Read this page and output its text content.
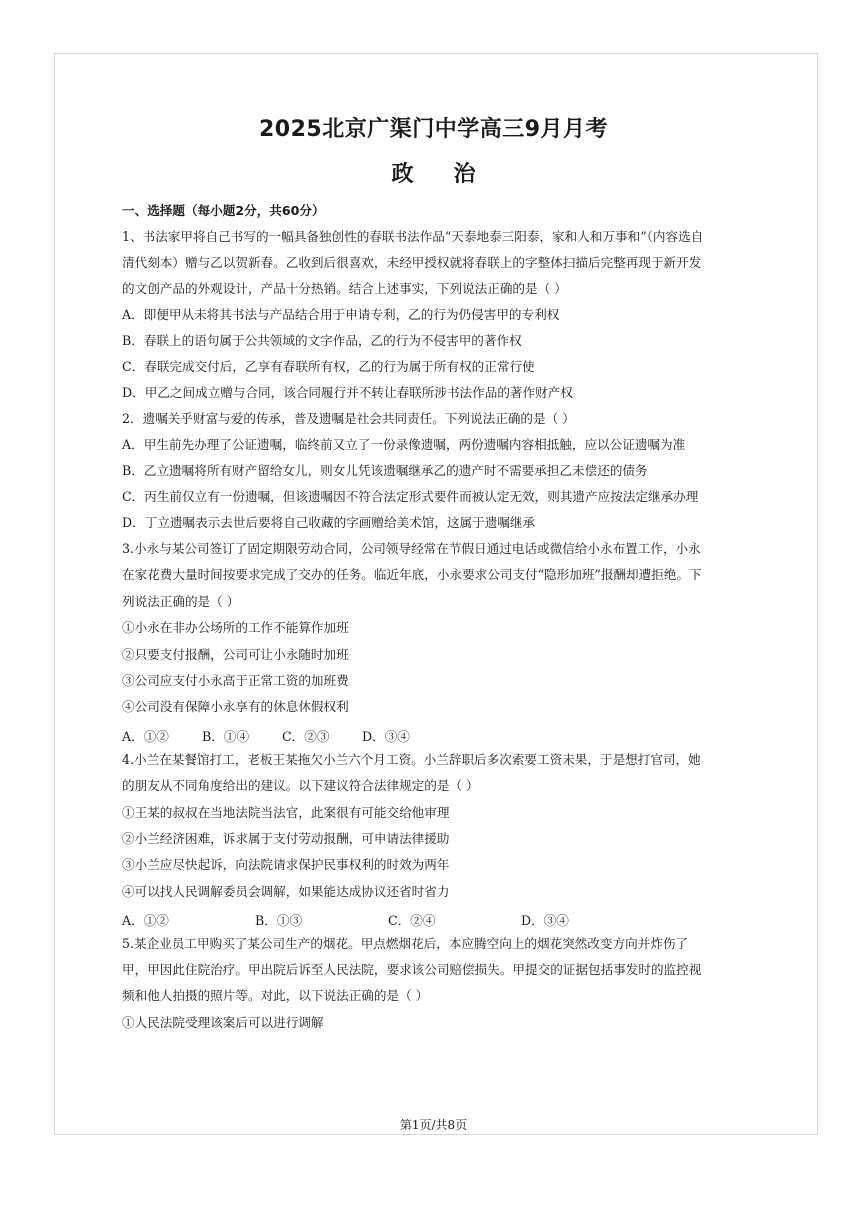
2025北京广渠门中学高三9月月考
政治
一、选择题（每小题2分，共60分）
1、书法家甲将自己书写的一幅具备独创性的春联书法作品“天泰地泰三阳泰，家和人和万事和”（内容选自
清代刻本）赠与乙以贺新春。乙收到后很喜欢，未经甲授权就将春联上的字整体扫描后完整再现于新开发
的文创产品的外观设计，产品十分热销。结合上述事实，下列说法正确的是（ ）
A．即便甲从未将其书法与产品结合用于申请专利，乙的行为仍侵害甲的专利权
B．春联上的语句属于公共领域的文字作品，乙的行为不侵害甲的著作权
C．春联完成交付后，乙享有春联所有权，乙的行为属于所有权的正常行使
D．甲乙之间成立赠与合同，该合同履行并不转让春联所涉书法作品的著作财产权
2．遗嘱关乎财富与爱的传承，普及遗嘱是社会共同责任。下列说法正确的是（ ）
A．甲生前先办理了公证遗嘱，临终前又立了一份录像遗嘱，两份遗嘱内容相抵触，应以公证遗嘱为准
B．乙立遗嘱将所有财产留给女儿，则女儿凭该遗嘱继承乙的遗产时不需要承担乙未偿还的债务
C．丙生前仅立有一份遗嘱，但该遗嘱因不符合法定形式要件而被认定无效，则其遗产应按法定继承办理
D．丁立遗嘱表示去世后要将自己收藏的字画赠给美术馆，这属于遗嘱继承
3.小永与某公司签订了固定期限劳动合同，公司领导经常在节假日通过电话或微信给小永布置工作，小永
在家花费大量时间按要求完成了交办的任务。临近年底，小永要求公司支付“隐形加班”报酬却遭拒绝。下
列说法正确的是（ ）
①小永在非办公场所的工作不能算作加班
②只要支付报酬，公司可让小永随时加班
③公司应支付小永高于正常工资的加班费
④公司没有保障小永享有的休息休假权利
A．①②	B．①④	C．②③	D．③④
4.小兰在某餐馆打工，老板王某拖欠小兰六个月工资。小兰辞职后多次索要工资未果，于是想打官司，她
的朋友从不同角度给出的建议。以下建议符合法律规定的是（ ）
①王某的叔叔在当地法院当法官，此案很有可能交给他审理
②小兰经济困难，诉求属于支付劳动报酬，可申请法律援助
③小兰应尽快起诉，向法院请求保护民事权利的时效为两年
④可以找人民调解委员会调解，如果能达成协议还省时省力
A．①②	B．①③	C．②④	D．③④
5.某企业员工甲购买了某公司生产的烟花。甲点燃烟花后，本应腾空向上的烟花突然改变方向并炸伤了
甲，甲因此住院治疗。甲出院后诉至人民法院，要求该公司赔偿损失。甲提交的证据包括事发时的监控视
频和他人拍摄的照片等。对此，以下说法正确的是（ ）
①人民法院受理该案后可以进行调解
第1页/共8页
